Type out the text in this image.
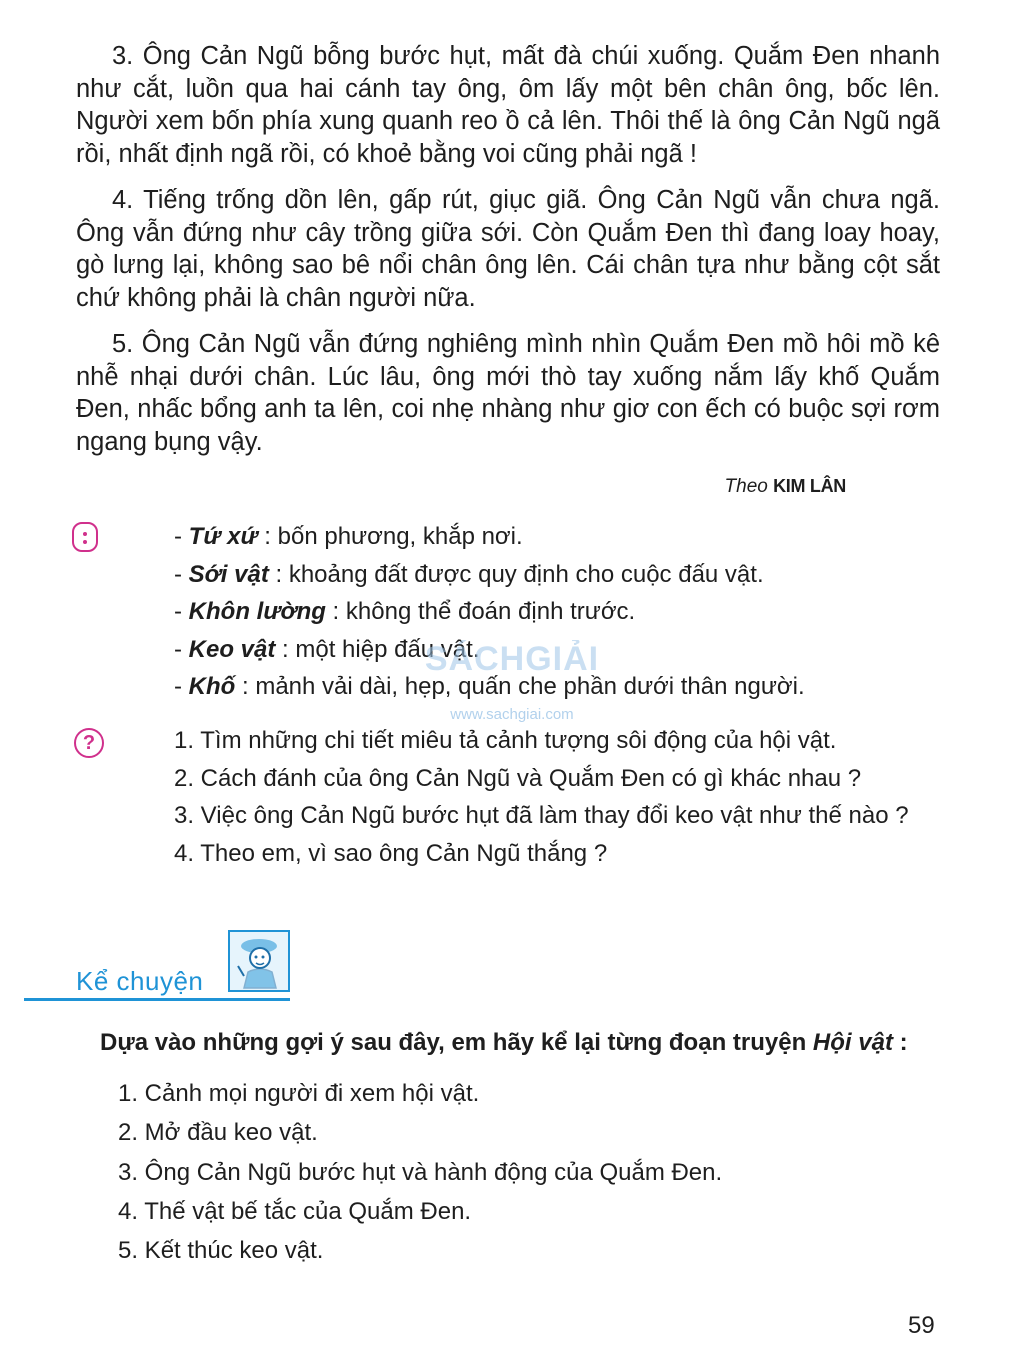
3. Ông Cản Ngũ bỗng bước hụt, mất đà chúi xuống. Quắm Đen nhanh như cắt, luồn qua hai cánh tay ông, ôm lấy một bên chân ông, bốc lên. Người xem bốn phía xung quanh reo ồ cả lên. Thôi thế là ông Cản Ngũ ngã rồi, nhất định ngã rồi, có khoẻ bằng voi cũng phải ngã !

4. Tiếng trống dồn lên, gấp rút, giục giã. Ông Cản Ngũ vẫn chưa ngã. Ông vẫn đứng như cây trồng giữa sới. Còn Quắm Đen thì đang loay hoay, gò lưng lại, không sao bê nổi chân ông lên. Cái chân tựa như bằng cột sắt chứ không phải là chân người nữa.

5. Ông Cản Ngũ vẫn đứng nghiêng mình nhìn Quắm Đen mồ hôi mồ kê nhễ nhại dưới chân. Lúc lâu, ông mới thò tay xuống nắm lấy khố Quắm Đen, nhấc bổng anh ta lên, coi nhẹ nhàng như giơ con ếch có buộc sợi rơm ngang bụng vậy.

Theo KIM LÂN
- Tứ xứ : bốn phương, khắp nơi.
- Sới vật : khoảng đất được quy định cho cuộc đấu vật.
- Khôn lường : không thể đoán định trước.
- Keo vật : một hiệp đấu vật.
- Khố : mảnh vải dài, hẹp, quấn che phần dưới thân người.
SÁCHGIẢI
www.sachgiai.com
?	1. Tìm những chi tiết miêu tả cảnh tượng sôi động của hội vật.
2. Cách đánh của ông Cản Ngũ và Quắm Đen có gì khác nhau ?
3. Việc ông Cản Ngũ bước hụt đã làm thay đổi keo vật như thế nào ?
4. Theo em, vì sao ông Cản Ngũ thắng ?
Kể chuyện
Dựa vào những gợi ý sau đây, em hãy kể lại từng đoạn truyện Hội vật :
1. Cảnh mọi người đi xem hội vật.
2. Mở đầu keo vật.
3. Ông Cản Ngũ bước hụt và hành động của Quắm Đen.
4. Thế vật bế tắc của Quắm Đen.
5. Kết thúc keo vật.
59
